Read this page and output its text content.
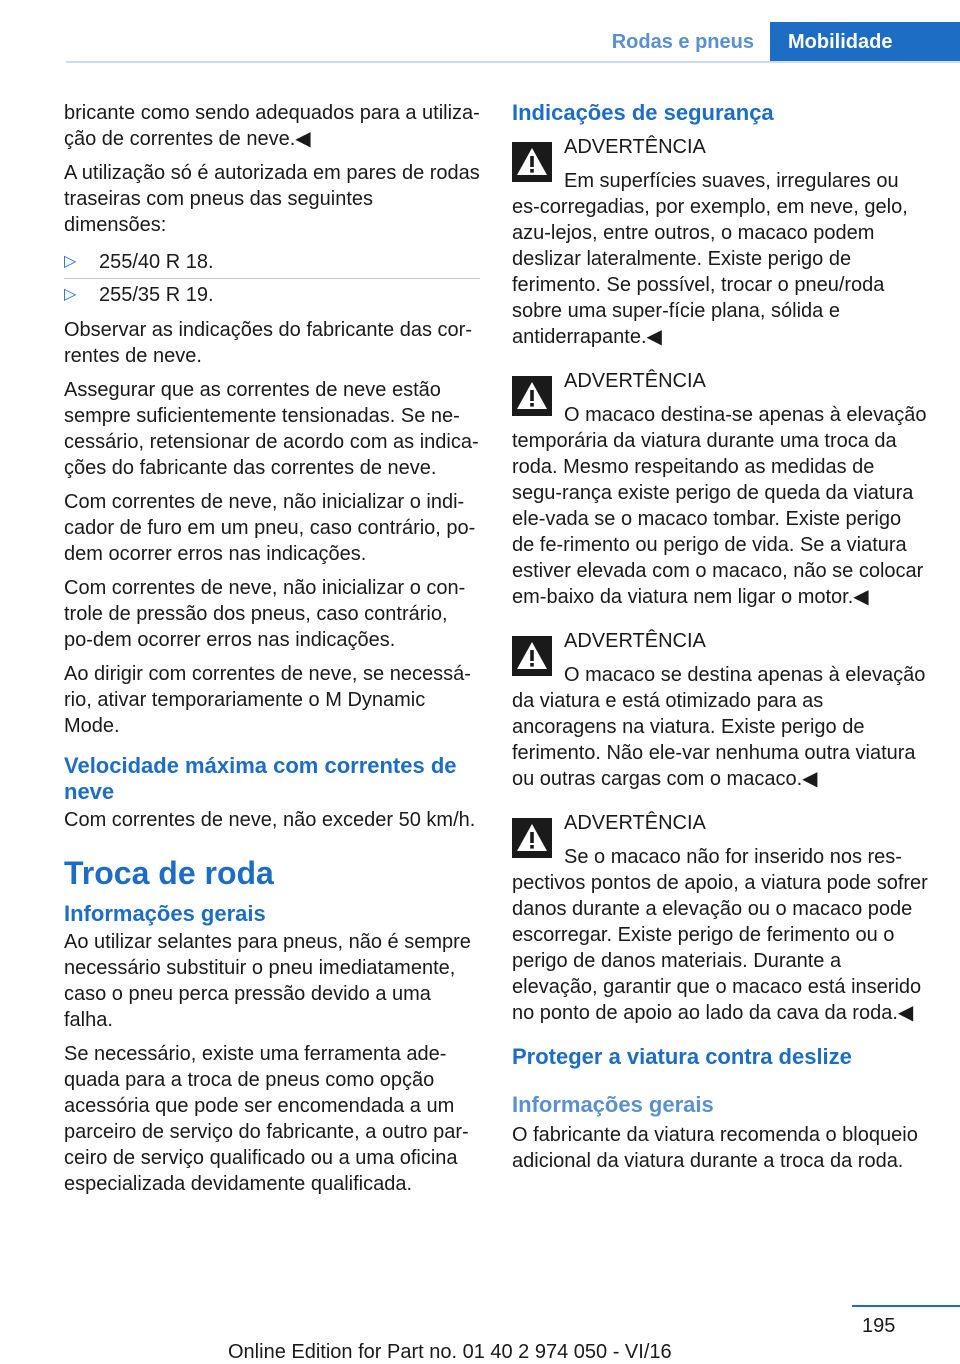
Rodas e pneus	Mobilidade

bricante como sendo adequados para a utiliza‐ção de correntes de neve.◀

A utilização só é autorizada em pares de rodas traseiras com pneus das seguintes dimensões:

▷ 255/40 R 18.
▷ 255/35 R 19.

Observar as indicações do fabricante das cor‐rentes de neve.

Assegurar que as correntes de neve estão sempre suficientemente tensionadas. Se ne‐cessário, retensionar de acordo com as indica‐ções do fabricante das correntes de neve.

Com correntes de neve, não inicializar o indi‐cador de furo em um pneu, caso contrário, po‐dem ocorrer erros nas indicações.

Com correntes de neve, não inicializar o con‐trole de pressão dos pneus, caso contrário, po‐dem ocorrer erros nas indicações.

Ao dirigir com correntes de neve, se necessá‐rio, ativar temporariamente o M Dynamic Mode.

Velocidade máxima com correntes de neve

Com correntes de neve, não exceder 50 km/h.

Troca de roda
Informações gerais

Ao utilizar selantes para pneus, não é sempre necessário substituir o pneu imediatamente, caso o pneu perca pressão devido a uma falha.

Se necessário, existe uma ferramenta ade‐quada para a troca de pneus como opção acessória que pode ser encomendada a um parceiro de serviço do fabricante, a outro par‐ceiro de serviço qualificado ou a uma oficina especializada devidamente qualificada.

Indicações de segurança
ADVERTÊNCIA
Em superfícies suaves, irregulares ou es‐corregadias, por exemplo, em neve, gelo, azu‐lejos, entre outros, o macaco podem deslizar lateralmente. Existe perigo de ferimento. Se possível, trocar o pneu/roda sobre uma super‐fície plana, sólida e antiderrapante.◀
ADVERTÊNCIA
O macaco destina-se apenas à elevação temporária da viatura durante uma troca da roda. Mesmo respeitando as medidas de segu‐rança existe perigo de queda da viatura ele‐vada se o macaco tombar. Existe perigo de fe‐rimento ou perigo de vida. Se a viatura estiver elevada com o macaco, não se colocar em‐baixo da viatura nem ligar o motor.◀
ADVERTÊNCIA
O macaco se destina apenas à elevação da viatura e está otimizado para as ancoragens na viatura. Existe perigo de ferimento. Não ele‐var nenhuma outra viatura ou outras cargas com o macaco.◀
ADVERTÊNCIA
Se o macaco não for inserido nos res‐pectivos pontos de apoio, a viatura pode sofrer danos durante a elevação ou o macaco pode escorregar. Existe perigo de ferimento ou o perigo de danos materiais. Durante a elevação, garantir que o macaco está inserido no ponto de apoio ao lado da cava da roda.◀
Proteger a viatura contra deslize
Informações gerais

O fabricante da viatura recomenda o bloqueio adicional da viatura durante a troca da roda.

195
Online Edition for Part no. 01 40 2 974 050 - VI/16
